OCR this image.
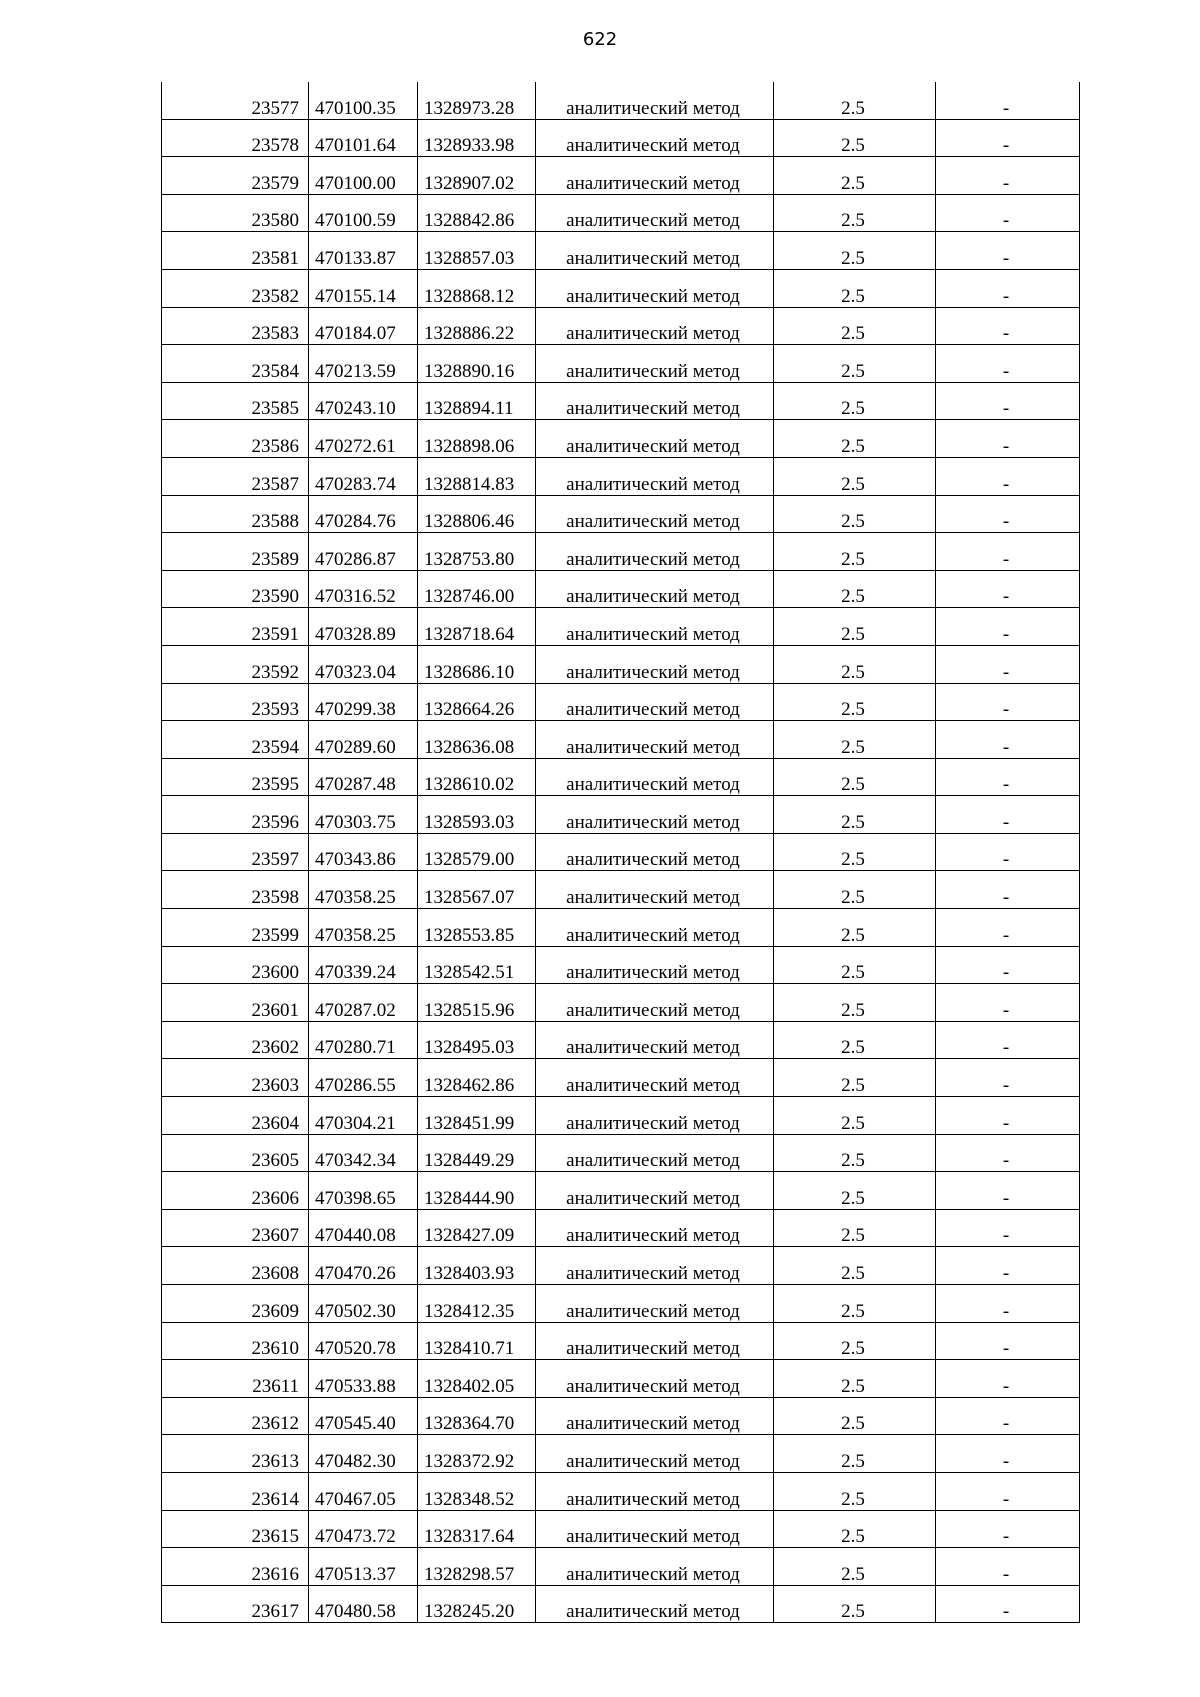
622
23577	470100.35	1328973.28	аналитический метод	2.5	-
23578	470101.64	1328933.98	аналитический метод	2.5	-
23579	470100.00	1328907.02	аналитический метод	2.5	-
23580	470100.59	1328842.86	аналитический метод	2.5	-
23581	470133.87	1328857.03	аналитический метод	2.5	-
23582	470155.14	1328868.12	аналитический метод	2.5	-
23583	470184.07	1328886.22	аналитический метод	2.5	-
23584	470213.59	1328890.16	аналитический метод	2.5	-
23585	470243.10	1328894.11	аналитический метод	2.5	-
23586	470272.61	1328898.06	аналитический метод	2.5	-
23587	470283.74	1328814.83	аналитический метод	2.5	-
23588	470284.76	1328806.46	аналитический метод	2.5	-
23589	470286.87	1328753.80	аналитический метод	2.5	-
23590	470316.52	1328746.00	аналитический метод	2.5	-
23591	470328.89	1328718.64	аналитический метод	2.5	-
23592	470323.04	1328686.10	аналитический метод	2.5	-
23593	470299.38	1328664.26	аналитический метод	2.5	-
23594	470289.60	1328636.08	аналитический метод	2.5	-
23595	470287.48	1328610.02	аналитический метод	2.5	-
23596	470303.75	1328593.03	аналитический метод	2.5	-
23597	470343.86	1328579.00	аналитический метод	2.5	-
23598	470358.25	1328567.07	аналитический метод	2.5	-
23599	470358.25	1328553.85	аналитический метод	2.5	-
23600	470339.24	1328542.51	аналитический метод	2.5	-
23601	470287.02	1328515.96	аналитический метод	2.5	-
23602	470280.71	1328495.03	аналитический метод	2.5	-
23603	470286.55	1328462.86	аналитический метод	2.5	-
23604	470304.21	1328451.99	аналитический метод	2.5	-
23605	470342.34	1328449.29	аналитический метод	2.5	-
23606	470398.65	1328444.90	аналитический метод	2.5	-
23607	470440.08	1328427.09	аналитический метод	2.5	-
23608	470470.26	1328403.93	аналитический метод	2.5	-
23609	470502.30	1328412.35	аналитический метод	2.5	-
23610	470520.78	1328410.71	аналитический метод	2.5	-
23611	470533.88	1328402.05	аналитический метод	2.5	-
23612	470545.40	1328364.70	аналитический метод	2.5	-
23613	470482.30	1328372.92	аналитический метод	2.5	-
23614	470467.05	1328348.52	аналитический метод	2.5	-
23615	470473.72	1328317.64	аналитический метод	2.5	-
23616	470513.37	1328298.57	аналитический метод	2.5	-
23617	470480.58	1328245.20	аналитический метод	2.5	-
